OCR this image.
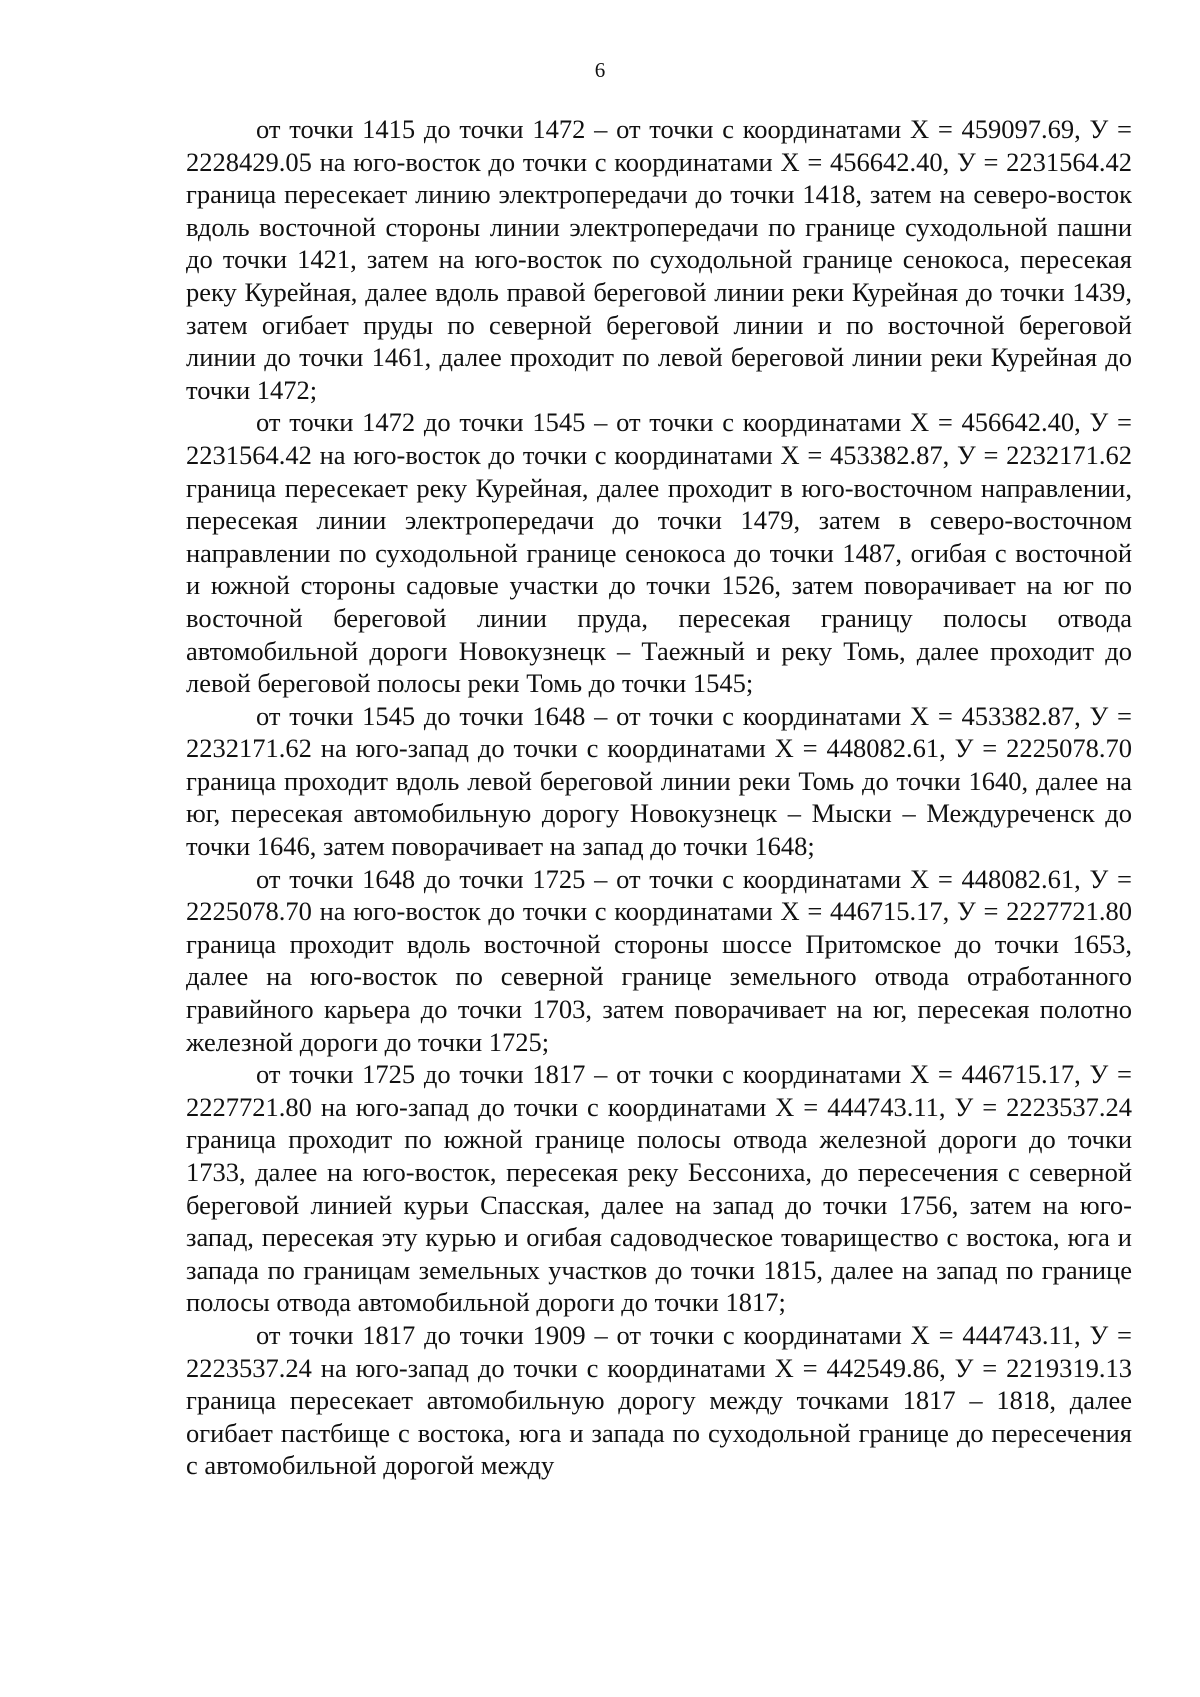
6

от точки 1415 до точки 1472 – от точки с координатами Х = 459097.69, У = 2228429.05 на юго-восток до точки с координатами Х = 456642.40, У = 2231564.42 граница пересекает линию электропередачи до точки 1418, затем на северо-восток вдоль восточной стороны линии электропередачи по границе суходольной пашни до точки 1421, затем на юго-восток по суходольной границе сенокоса, пересекая реку Курейная, далее вдоль правой береговой линии реки Курейная до точки 1439, затем огибает пруды по северной береговой линии и по восточной береговой линии до точки 1461, далее проходит по левой береговой линии реки Курейная до точки 1472;

от точки 1472 до точки 1545 – от точки с координатами Х = 456642.40, У = 2231564.42 на юго-восток до точки с координатами Х = 453382.87, У = 2232171.62 граница пересекает реку Курейная, далее проходит в юго-восточном направлении, пересекая линии электропередачи до точки 1479, затем в северо-восточном направлении по суходольной границе сенокоса до точки 1487, огибая с восточной и южной стороны садовые участки до точки 1526, затем поворачивает на юг по восточной береговой линии пруда, пересекая границу полосы отвода автомобильной дороги Новокузнецк – Таежный и реку Томь, далее проходит до левой береговой полосы реки Томь до точки 1545;

от точки 1545 до точки 1648 – от точки с координатами Х = 453382.87, У = 2232171.62 на юго-запад до точки с координатами Х = 448082.61, У = 2225078.70 граница проходит вдоль левой береговой линии реки Томь до точки 1640, далее на юг, пересекая автомобильную дорогу Новокузнецк – Мыски – Междуреченск до точки 1646, затем поворачивает на запад до точки 1648;

от точки 1648 до точки 1725 – от точки с координатами Х = 448082.61, У = 2225078.70 на юго-восток до точки с координатами Х = 446715.17, У = 2227721.80 граница проходит вдоль восточной стороны шоссе Притомское до точки 1653, далее на юго-восток по северной границе земельного отвода отработанного гравийного карьера до точки 1703, затем поворачивает на юг, пересекая полотно железной дороги до точки 1725;

от точки 1725 до точки 1817 – от точки с координатами Х = 446715.17, У = 2227721.80 на юго-запад до точки с координатами Х = 444743.11, У = 2223537.24 граница проходит по южной границе полосы отвода железной дороги до точки 1733, далее на юго-восток, пересекая реку Бессониха, до пересечения с северной береговой линией курьи Спасская, далее на запад до точки 1756, затем на юго-запад, пересекая эту курью и огибая садоводческое товарищество с востока, юга и запада по границам земельных участков до точки 1815, далее на запад по границе полосы отвода автомобильной дороги до точки 1817;

от точки 1817 до точки 1909 – от точки с координатами Х = 444743.11, У = 2223537.24 на юго-запад до точки с координатами Х = 442549.86, У = 2219319.13 граница пересекает автомобильную дорогу между точками 1817 – 1818, далее огибает пастбище с востока, юга и запада по суходольной границе до пересечения с автомобильной дорогой между
